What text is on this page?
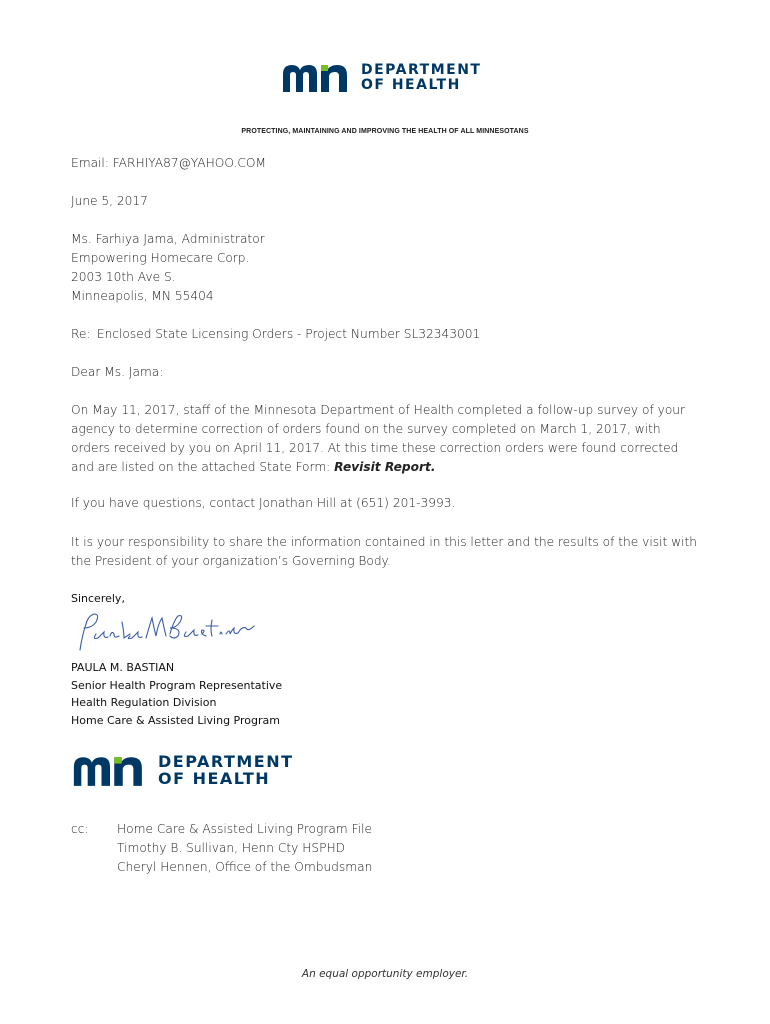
DEPARTMENT
OF HEALTH
PROTECTING, MAINTAINING AND IMPROVING THE HEALTH OF ALL MINNESOTANS
Email: FARHIYA87@YAHOO.COM
June 5, 2017
Ms. Farhiya Jama, Administrator
Empowering Homecare Corp.
2003 10th Ave S.
Minneapolis, MN 55404
Re: Enclosed State Licensing Orders - Project Number SL32343001
Dear Ms. Jama:
On May 11, 2017, staff of the Minnesota Department of Health completed a follow-up survey of your
agency to determine correction of orders found on the survey completed on March 1, 2017, with
orders received by you on April 11, 2017. At this time these correction orders were found corrected
and are listed on the attached State Form: Revisit Report.
If you have questions, contact Jonathan Hill at (651) 201-3993.
It is your responsibility to share the information contained in this letter and the results of the visit with
the President of your organization’s Governing Body.
Sincerely,
PAULA M. BASTIAN
Senior Health Program Representative
Health Regulation Division
Home Care & Assisted Living Program
DEPARTMENT
OF HEALTH
cc: Home Care & Assisted Living Program File
Timothy B. Sullivan, Henn Cty HSPHD
Cheryl Hennen, Office of the Ombudsman
An equal opportunity employer.
